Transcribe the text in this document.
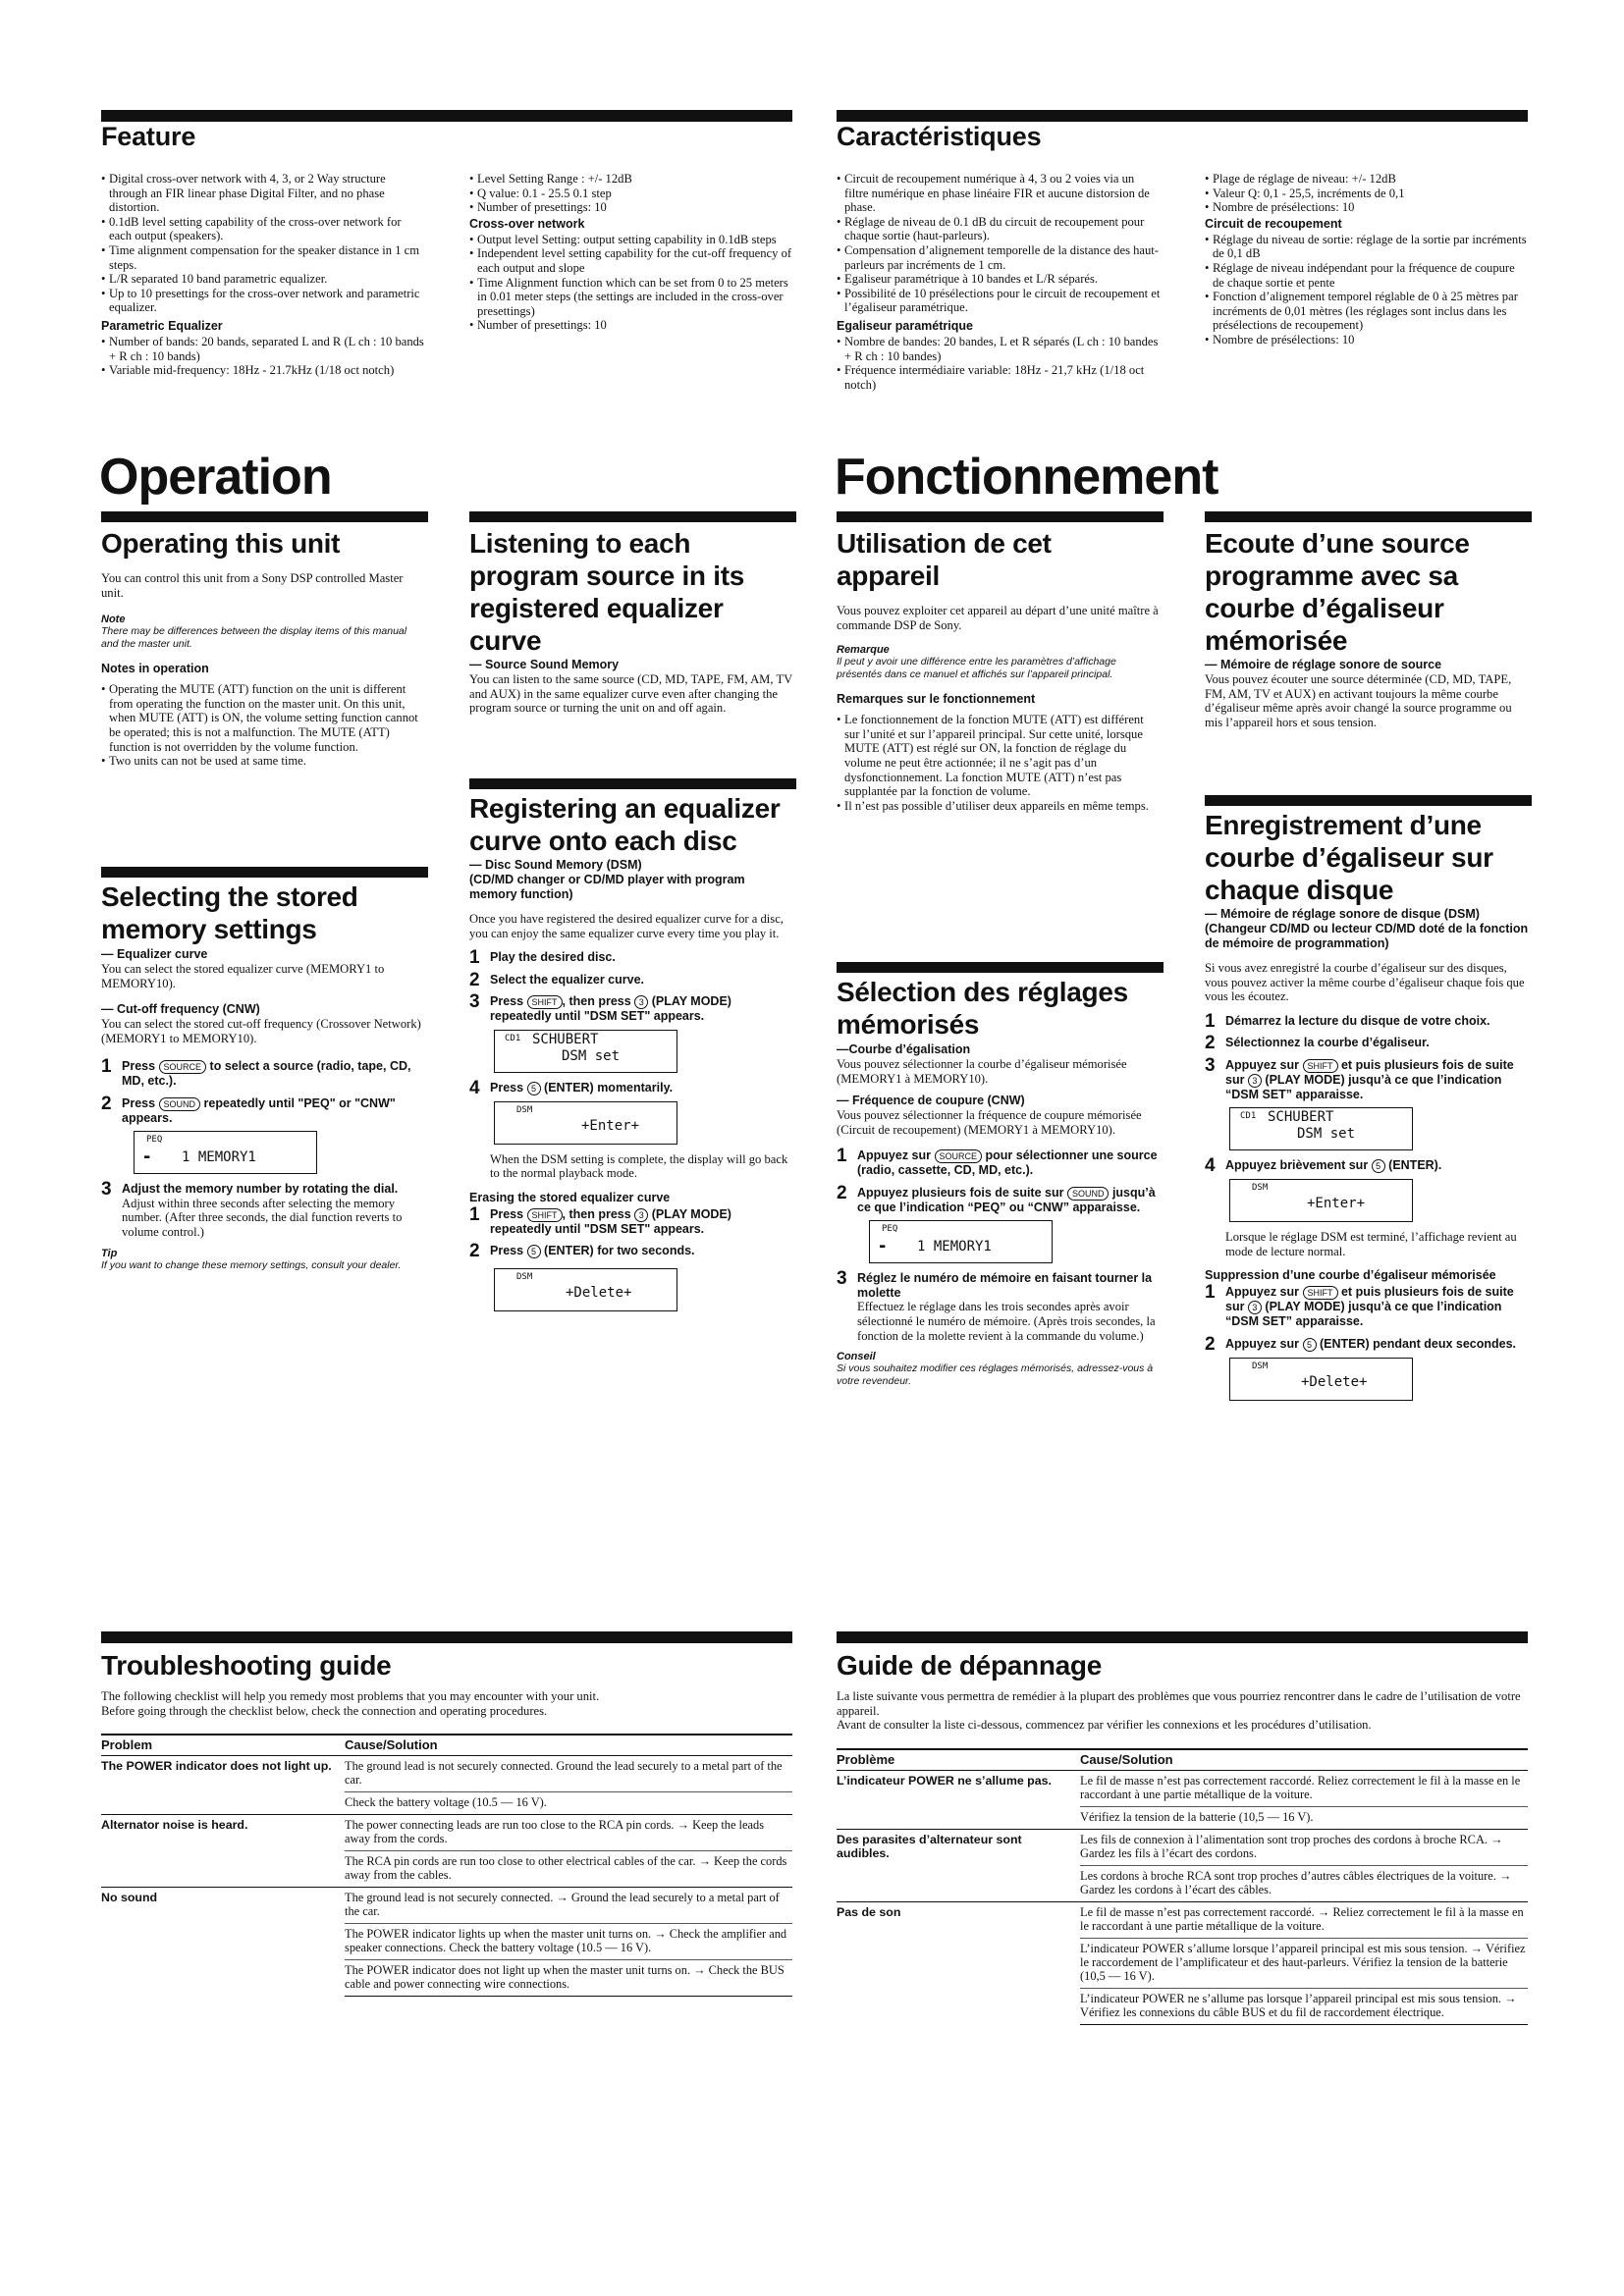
Feature
• Digital cross-over network with 4, 3, or 2 Way structure through an FIR linear phase Digital Filter, and no phase distortion.
• 0.1dB level setting capability of the cross-over network for each output (speakers).
• Time alignment compensation for the speaker distance in 1 cm steps.
• L/R separated 10 band parametric equalizer.
• Up to 10 presettings for the cross-over network and parametric equalizer.
Parametric Equalizer
• Number of bands: 20 bands, separated L and R (L ch : 10 bands + R ch : 10 bands)
• Variable mid-frequency: 18Hz - 21.7kHz (1/18 oct notch)
• Level Setting Range : +/- 12dB
• Q value: 0.1 - 25.5 0.1 step
• Number of presettings: 10
Cross-over network
• Output level Setting: output setting capability in 0.1dB steps
• Independent level setting capability for the cut-off frequency of each output and slope
• Time Alignment function which can be set from 0 to 25 meters in 0.01 meter steps (the settings are included in the cross-over presettings)
• Number of presettings: 10
Caractéristiques
• Circuit de recoupement numérique à 4, 3 ou 2 voies via un filtre numérique en phase linéaire FIR et aucune distorsion de phase.
• Réglage de niveau de 0.1 dB du circuit de recoupement pour chaque sortie (haut-parleurs).
• Compensation d’alignement temporelle de la distance des haut-parleurs par incréments de 1 cm.
• Egaliseur paramétrique à 10 bandes et L/R séparés.
• Possibilité de 10 présélections pour le circuit de recoupement et l’égaliseur paramétrique.
Egaliseur paramétrique
• Nombre de bandes: 20 bandes, L et R séparés (L ch : 10 bandes + R ch : 10 bandes)
• Fréquence intermédiaire variable: 18Hz - 21,7 kHz (1/18 oct notch)
• Plage de réglage de niveau: +/- 12dB
• Valeur Q: 0,1 - 25,5, incréments de 0,1
• Nombre de présélections: 10
Circuit de recoupement
• Réglage du niveau de sortie: réglage de la sortie par incréments de 0,1 dB
• Réglage de niveau indépendant pour la fréquence de coupure de chaque sortie et pente
• Fonction d’alignement temporel réglable de 0 à 25 mètres par incréments de 0,01 mètres (les réglages sont inclus dans les présélections de recoupement)
• Nombre de présélections: 10
Operation	Fonctionnement
Operating this unit

You can control this unit from a Sony DSP controlled Master unit.

Note
There may be differences between the display items of this manual and the master unit.
Notes in operation
• Operating the MUTE (ATT) function on the unit is different from operating the function on the master unit. On this unit, when MUTE (ATT) is ON, the volume setting function cannot be operated; this is not a malfunction. The MUTE (ATT) function is not overridden by the volume function.
• Two units can not be used at same time.
Selecting the stored memory settings
— Equalizer curve
You can select the stored equalizer curve (MEMORY1 to MEMORY10).
— Cut-off frequency (CNW)
You can select the stored cut-off frequency (Crossover Network) (MEMORY1 to MEMORY10).
1 Press SOURCE to select a source (radio, tape, CD, MD, etc.).
2 Press SOUND repeatedly until "PEQ" or "CNW" appears.
PEQ
▬ 1 MEMORY1
3 Adjust the memory number by rotating the dial.
Adjust within three seconds after selecting the memory number. (After three seconds, the dial function reverts to volume control.)
Tip
If you want to change these memory settings, consult your dealer.
Listening to each program source in its registered equalizer curve
— Source Sound Memory
You can listen to the same source (CD, MD, TAPE, FM, AM, TV and AUX) in the same equalizer curve even after changing the program source or turning the unit on and off again.
Registering an equalizer curve onto each disc
— Disc Sound Memory (DSM)
(CD/MD changer or CD/MD player with program memory function)
Once you have registered the desired equalizer curve for a disc, you can enjoy the same equalizer curve every time you play it.
1 Play the desired disc.
2 Select the equalizer curve.
3 Press SHIFT , then press 3 (PLAY MODE) repeatedly until "DSM SET" appears.
CD1 SCHUBERT
DSM set
4 Press 5 (ENTER) momentarily.
DSM
+Enter+
When the DSM setting is complete, the display will go back to the normal playback mode.
Erasing the stored equalizer curve
1 Press SHIFT , then press 3 (PLAY MODE) repeatedly until "DSM SET" appears.
2 Press 5 (ENTER) for two seconds.
DSM
+Delete+
Utilisation de cet appareil

Vous pouvez exploiter cet appareil au départ d’une unité maître à commande DSP de Sony.

Remarque
Il peut y avoir une différence entre les paramètres d’affichage présentés dans ce manuel et affichés sur l’appareil principal.
Remarques sur le fonctionnement
• Le fonctionnement de la fonction MUTE (ATT) est différent sur l’unité et sur l’appareil principal. Sur cette unité, lorsque MUTE (ATT) est réglé sur ON, la fonction de réglage du volume ne peut être actionnée; il ne s’agit pas d’un dysfonctionnement. La fonction MUTE (ATT) n’est pas supplantée par la fonction de volume.
• Il n’est pas possible d’utiliser deux appareils en même temps.
Sélection des réglages mémorisés
—Courbe d’égalisation
Vous pouvez sélectionner la courbe d’égaliseur mémorisée (MEMORY1 à MEMORY10).
— Fréquence de coupure (CNW)
Vous pouvez sélectionner la fréquence de coupure mémorisée (Circuit de recoupement) (MEMORY1 à MEMORY10).
1 Appuyez sur SOURCE pour sélectionner une source (radio, cassette, CD, MD, etc.).
2 Appuyez plusieurs fois de suite sur SOUND jusqu’à ce que l’indication “PEQ” ou “CNW” apparaisse.
PEQ
▬ 1 MEMORY1
3 Réglez le numéro de mémoire en faisant tourner la molette
Effectuez le réglage dans les trois secondes après avoir sélectionné le numéro de mémoire. (Après trois secondes, la fonction de la molette revient à la commande du volume.)
Conseil
Si vous souhaitez modifier ces réglages mémorisés, adressez-vous à votre revendeur.
Ecoute d’une source programme avec sa courbe d’égaliseur mémorisée
— Mémoire de réglage sonore de source
Vous pouvez écouter une source déterminée (CD, MD, TAPE, FM, AM, TV et AUX) en activant toujours la même courbe d’égaliseur même après avoir changé la source programme ou mis l’appareil hors et sous tension.
Enregistrement d’une courbe d’égaliseur sur chaque disque
— Mémoire de réglage sonore de disque (DSM)
(Changeur CD/MD ou lecteur CD/MD doté de la fonction de mémoire de programmation)
Si vous avez enregistré la courbe d’égaliseur sur des disques, vous pouvez activer la même courbe d’égaliseur chaque fois que vous les écoutez.
1 Démarrez la lecture du disque de votre choix.
2 Sélectionnez la courbe d’égaliseur.
3 Appuyez sur SHIFT et puis plusieurs fois de suite sur 3 (PLAY MODE) jusqu’à ce que l’indication “DSM SET” apparaisse.
CD1 SCHUBERT
DSM set
4 Appuyez brièvement sur 5 (ENTER).
DSM
+Enter+
Lorsque le réglage DSM est terminé, l’affichage revient au mode de lecture normal.
Suppression d’une courbe d’égaliseur mémorisée
1 Appuyez sur SHIFT et puis plusieurs fois de suite sur 3 (PLAY MODE) jusqu’à ce que l’indication “DSM SET” apparaisse.
2 Appuyez sur 5 (ENTER) pendant deux secondes.
DSM
+Delete+
Troubleshooting guide
The following checklist will help you remedy most problems that you may encounter with your unit.
Before going through the checklist below, check the connection and operating procedures.
Problem	Cause/Solution
The POWER indicator does not light up.	The ground lead is not securely connected. Ground the lead securely to a metal part of the car.
	Check the battery voltage (10.5 — 16 V).
Alternator noise is heard.	The power connecting leads are run too close to the RCA pin cords. → Keep the leads away from the cords.
	The RCA pin cords are run too close to other electrical cables of the car. → Keep the cords away from the cables.
No sound	The ground lead is not securely connected. → Ground the lead securely to a metal part of the car.
	The POWER indicator lights up when the master unit turns on. → Check the amplifier and speaker connections. Check the battery voltage (10.5 — 16 V).
	The POWER indicator does not light up when the master unit turns on. → Check the BUS cable and power connecting wire connections.
Guide de dépannage
La liste suivante vous permettra de remédier à la plupart des problèmes que vous pourriez rencontrer dans le cadre de l’utilisation de votre appareil.
Avant de consulter la liste ci-dessous, commencez par vérifier les connexions et les procédures d’utilisation.
Problème	Cause/Solution
L’indicateur POWER ne s’allume pas.	Le fil de masse n’est pas correctement raccordé. Reliez correctement le fil à la masse en le raccordant à une partie métallique de la voiture.
	Vérifiez la tension de la batterie (10,5 — 16 V).
Des parasites d’alternateur sont audibles.	Les fils de connexion à l’alimentation sont trop proches des cordons à broche RCA. → Gardez les fils à l’écart des cordons.
	Les cordons à broche RCA sont trop proches d’autres câbles électriques de la voiture. → Gardez les cordons à l’écart des câbles.
Pas de son	Le fil de masse n’est pas correctement raccordé. → Reliez correctement le fil à la masse en le raccordant à une partie métallique de la voiture.
	L’indicateur POWER s’allume lorsque l’appareil principal est mis sous tension. → Vérifiez le raccordement de l’amplificateur et des haut-parleurs. Vérifiez la tension de la batterie (10,5 — 16 V).
	L’indicateur POWER ne s’allume pas lorsque l’appareil principal est mis sous tension. → Vérifiez les connexions du câble BUS et du fil de raccordement électrique.
